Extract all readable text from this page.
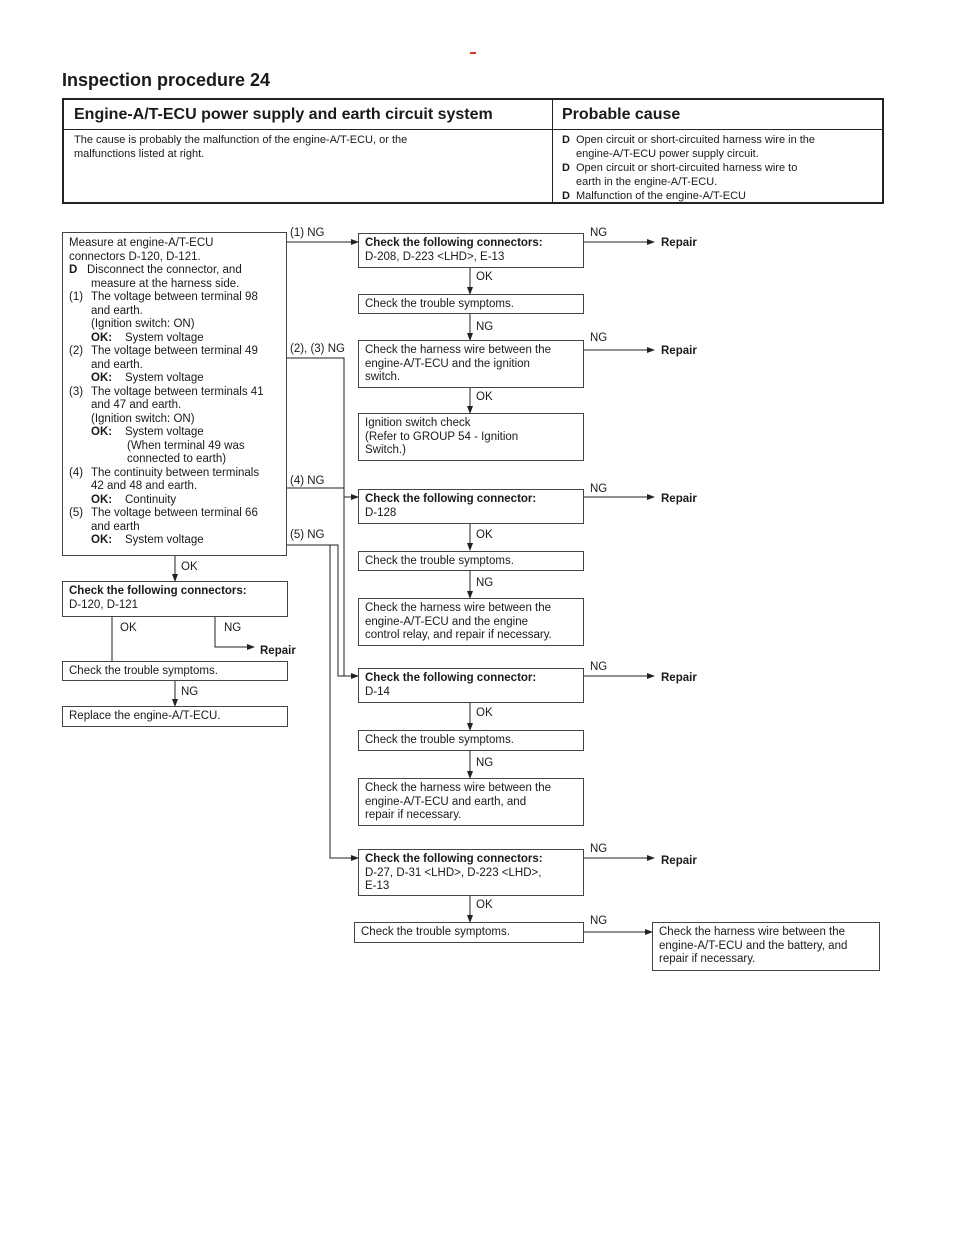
Inspection procedure 24
Engine-A/T-ECU power supply and earth circuit system	Probable cause
The cause is probably the malfunction of the engine-A/T-ECU, or the
malfunctions listed at right.
D Open circuit or short-circuited harness wire in the
engine-A/T-ECU power supply circuit.
D Open circuit or short-circuited harness wire to
earth in the engine-A/T-ECU.
D Malfunction of the engine-A/T-ECU
Measure at engine-A/T-ECU
connectors D-120, D-121.
D Disconnect the connector, and
measure at the harness side.
(1) The voltage between terminal 98
and earth.
(Ignition switch: ON)
OK: System voltage
(2) The voltage between terminal 49
and earth.
OK: System voltage
(3) The voltage between terminals 41
and 47 and earth.
(Ignition switch: ON)
OK: System voltage
(When terminal 49 was
connected to earth)
(4) The continuity between terminals
42 and 48 and earth.
OK: Continuity
(5) The voltage between terminal 66
and earth
OK: System voltage
(1) NG
(2), (3) NG
(4) NG
(5) NG
Check the following connectors:
D-208, D-223 <LHD>, E-13
NG
Repair
OK
Check the trouble symptoms.
NG
Check the harness wire between the
engine-A/T-ECU and the ignition
switch.
NG
Repair
OK
Ignition switch check
(Refer to GROUP 54 - Ignition
Switch.)
Check the following connector:
D-128
NG
Repair
OK
Check the trouble symptoms.
NG
Check the harness wire between the
engine-A/T-ECU and the engine
control relay, and repair if necessary.
Check the following connector:
D-14
NG
Repair
OK
Check the trouble symptoms.
NG
Check the harness wire between the
engine-A/T-ECU and earth, and
repair if necessary.
Check the following connectors:
D-27, D-31 <LHD>, D-223 <LHD>,
E-13
NG
Repair
OK
Check the trouble symptoms.
NG
Check the harness wire between the
engine-A/T-ECU and the battery, and
repair if necessary.
OK
Check the following connectors:
D-120, D-121
OK	NG
Repair
Check the trouble symptoms.
NG
Replace the engine-A/T-ECU.
